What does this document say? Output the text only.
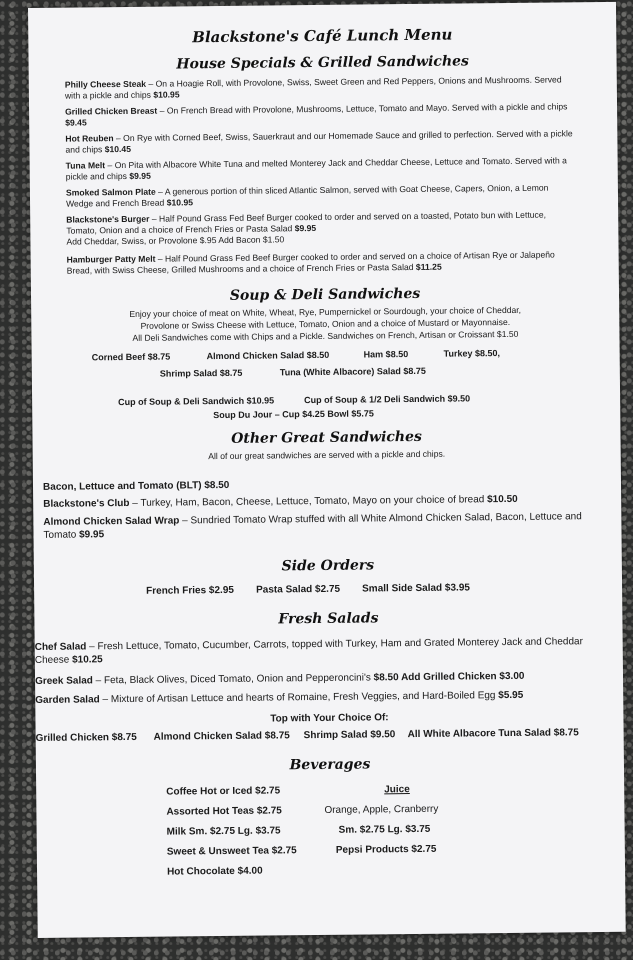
Blackstone's Café Lunch Menu
House Specials & Grilled Sandwiches
Philly Cheese Steak – On a Hoagie Roll, with Provolone, Swiss, Sweet Green and Red Peppers, Onions and Mushrooms. Served with a pickle and chips $10.95
Grilled Chicken Breast – On French Bread with Provolone, Mushrooms, Lettuce, Tomato and Mayo. Served with a pickle and chips $9.45
Hot Reuben – On Rye with Corned Beef, Swiss, Sauerkraut and our Homemade Sauce and grilled to perfection. Served with a pickle and chips $10.45
Tuna Melt – On Pita with Albacore White Tuna and melted Monterey Jack and Cheddar Cheese, Lettuce and Tomato. Served with a pickle and chips $9.95
Smoked Salmon Plate – A generous portion of thin sliced Atlantic Salmon, served with Goat Cheese, Capers, Onion, a Lemon Wedge and French Bread $10.95
Blackstone's Burger – Half Pound Grass Fed Beef Burger cooked to order and served on a toasted, Potato bun with Lettuce, Tomato, Onion and a choice of French Fries or Pasta Salad $9.95
Add Cheddar, Swiss, or Provolone $.95 Add Bacon $1.50
Hamburger Patty Melt – Half Pound Grass Fed Beef Burger cooked to order and served on a choice of Artisan Rye or Jalapeño Bread, with Swiss Cheese, Grilled Mushrooms and a choice of French Fries or Pasta Salad $11.25
Soup & Deli Sandwiches
Enjoy your choice of meat on White, Wheat, Rye, Pumpernickel or Sourdough, your choice of Cheddar,
Provolone or Swiss Cheese with Lettuce, Tomato, Onion and a choice of Mustard or Mayonnaise.
All Deli Sandwiches come with Chips and a Pickle. Sandwiches on French, Artisan or Croissant $1.50
Corned Beef $8.75	Almond Chicken Salad $8.50	Ham $8.50	Turkey $8.50,
Shrimp Salad $8.75	Tuna (White Albacore) Salad $8.75
Cup of Soup & Deli Sandwich $10.95	Cup of Soup & 1/2 Deli Sandwich $9.50
Soup Du Jour – Cup $4.25 Bowl $5.75
Other Great Sandwiches
All of our great sandwiches are served with a pickle and chips.
Bacon, Lettuce and Tomato (BLT) $8.50
Blackstone's Club – Turkey, Ham, Bacon, Cheese, Lettuce, Tomato, Mayo on your choice of bread $10.50
Almond Chicken Salad Wrap – Sundried Tomato Wrap stuffed with all White Almond Chicken Salad, Bacon, Lettuce and Tomato $9.95
Side Orders
French Fries $2.95 Pasta Salad $2.75 Small Side Salad $3.95
Fresh Salads
Chef Salad – Fresh Lettuce, Tomato, Cucumber, Carrots, topped with Turkey, Ham and Grated Monterey Jack and Cheddar Cheese $10.25
Greek Salad – Feta, Black Olives, Diced Tomato, Onion and Pepperoncini's $8.50 Add Grilled Chicken $3.00
Garden Salad – Mixture of Artisan Lettuce and hearts of Romaine, Fresh Veggies, and Hard-Boiled Egg $5.95
Top with Your Choice Of:
Grilled Chicken $8.75 Almond Chicken Salad $8.75 Shrimp Salad $9.50 All White Albacore Tuna Salad $8.75
Beverages
Coffee Hot or Iced $2.75
Assorted Hot Teas $2.75
Milk Sm. $2.75 Lg. $3.75
Sweet & Unsweet Tea $2.75
Hot Chocolate $4.00
Juice
Orange, Apple, Cranberry
Sm. $2.75 Lg. $3.75
Pepsi Products $2.75
